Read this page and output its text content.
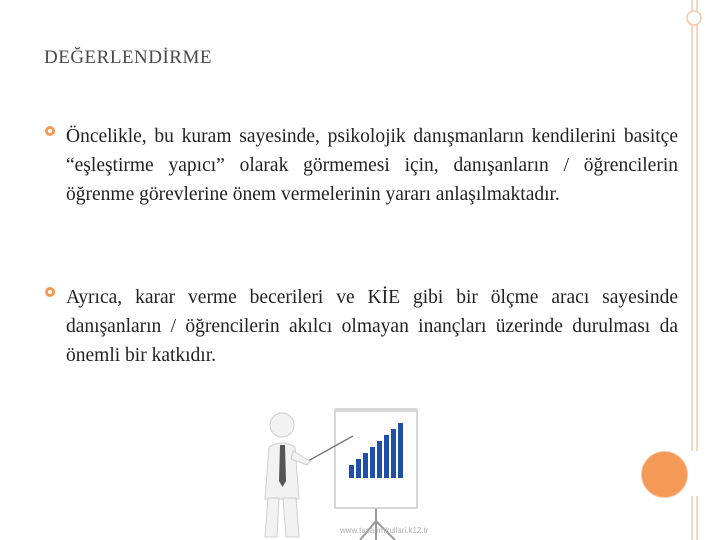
DEĞERLENDİRME
Öncelikle, bu kuram sayesinde, psikolojik danışmanların kendilerini basitçe “eşleştirme yapıcı” olarak görmemesi için, danışanların / öğrencilerin öğrenme görevlerine önem vermelerinin yararı anlaşılmaktadır.
Ayrıca, karar verme becerileri ve KİE gibi bir ölçme aracı sayesinde danışanların / öğrencilerin akılcı olmayan inançları üzerinde durulması da önemli bir katkıdır.
www.tasarimkullari.k12.tr
